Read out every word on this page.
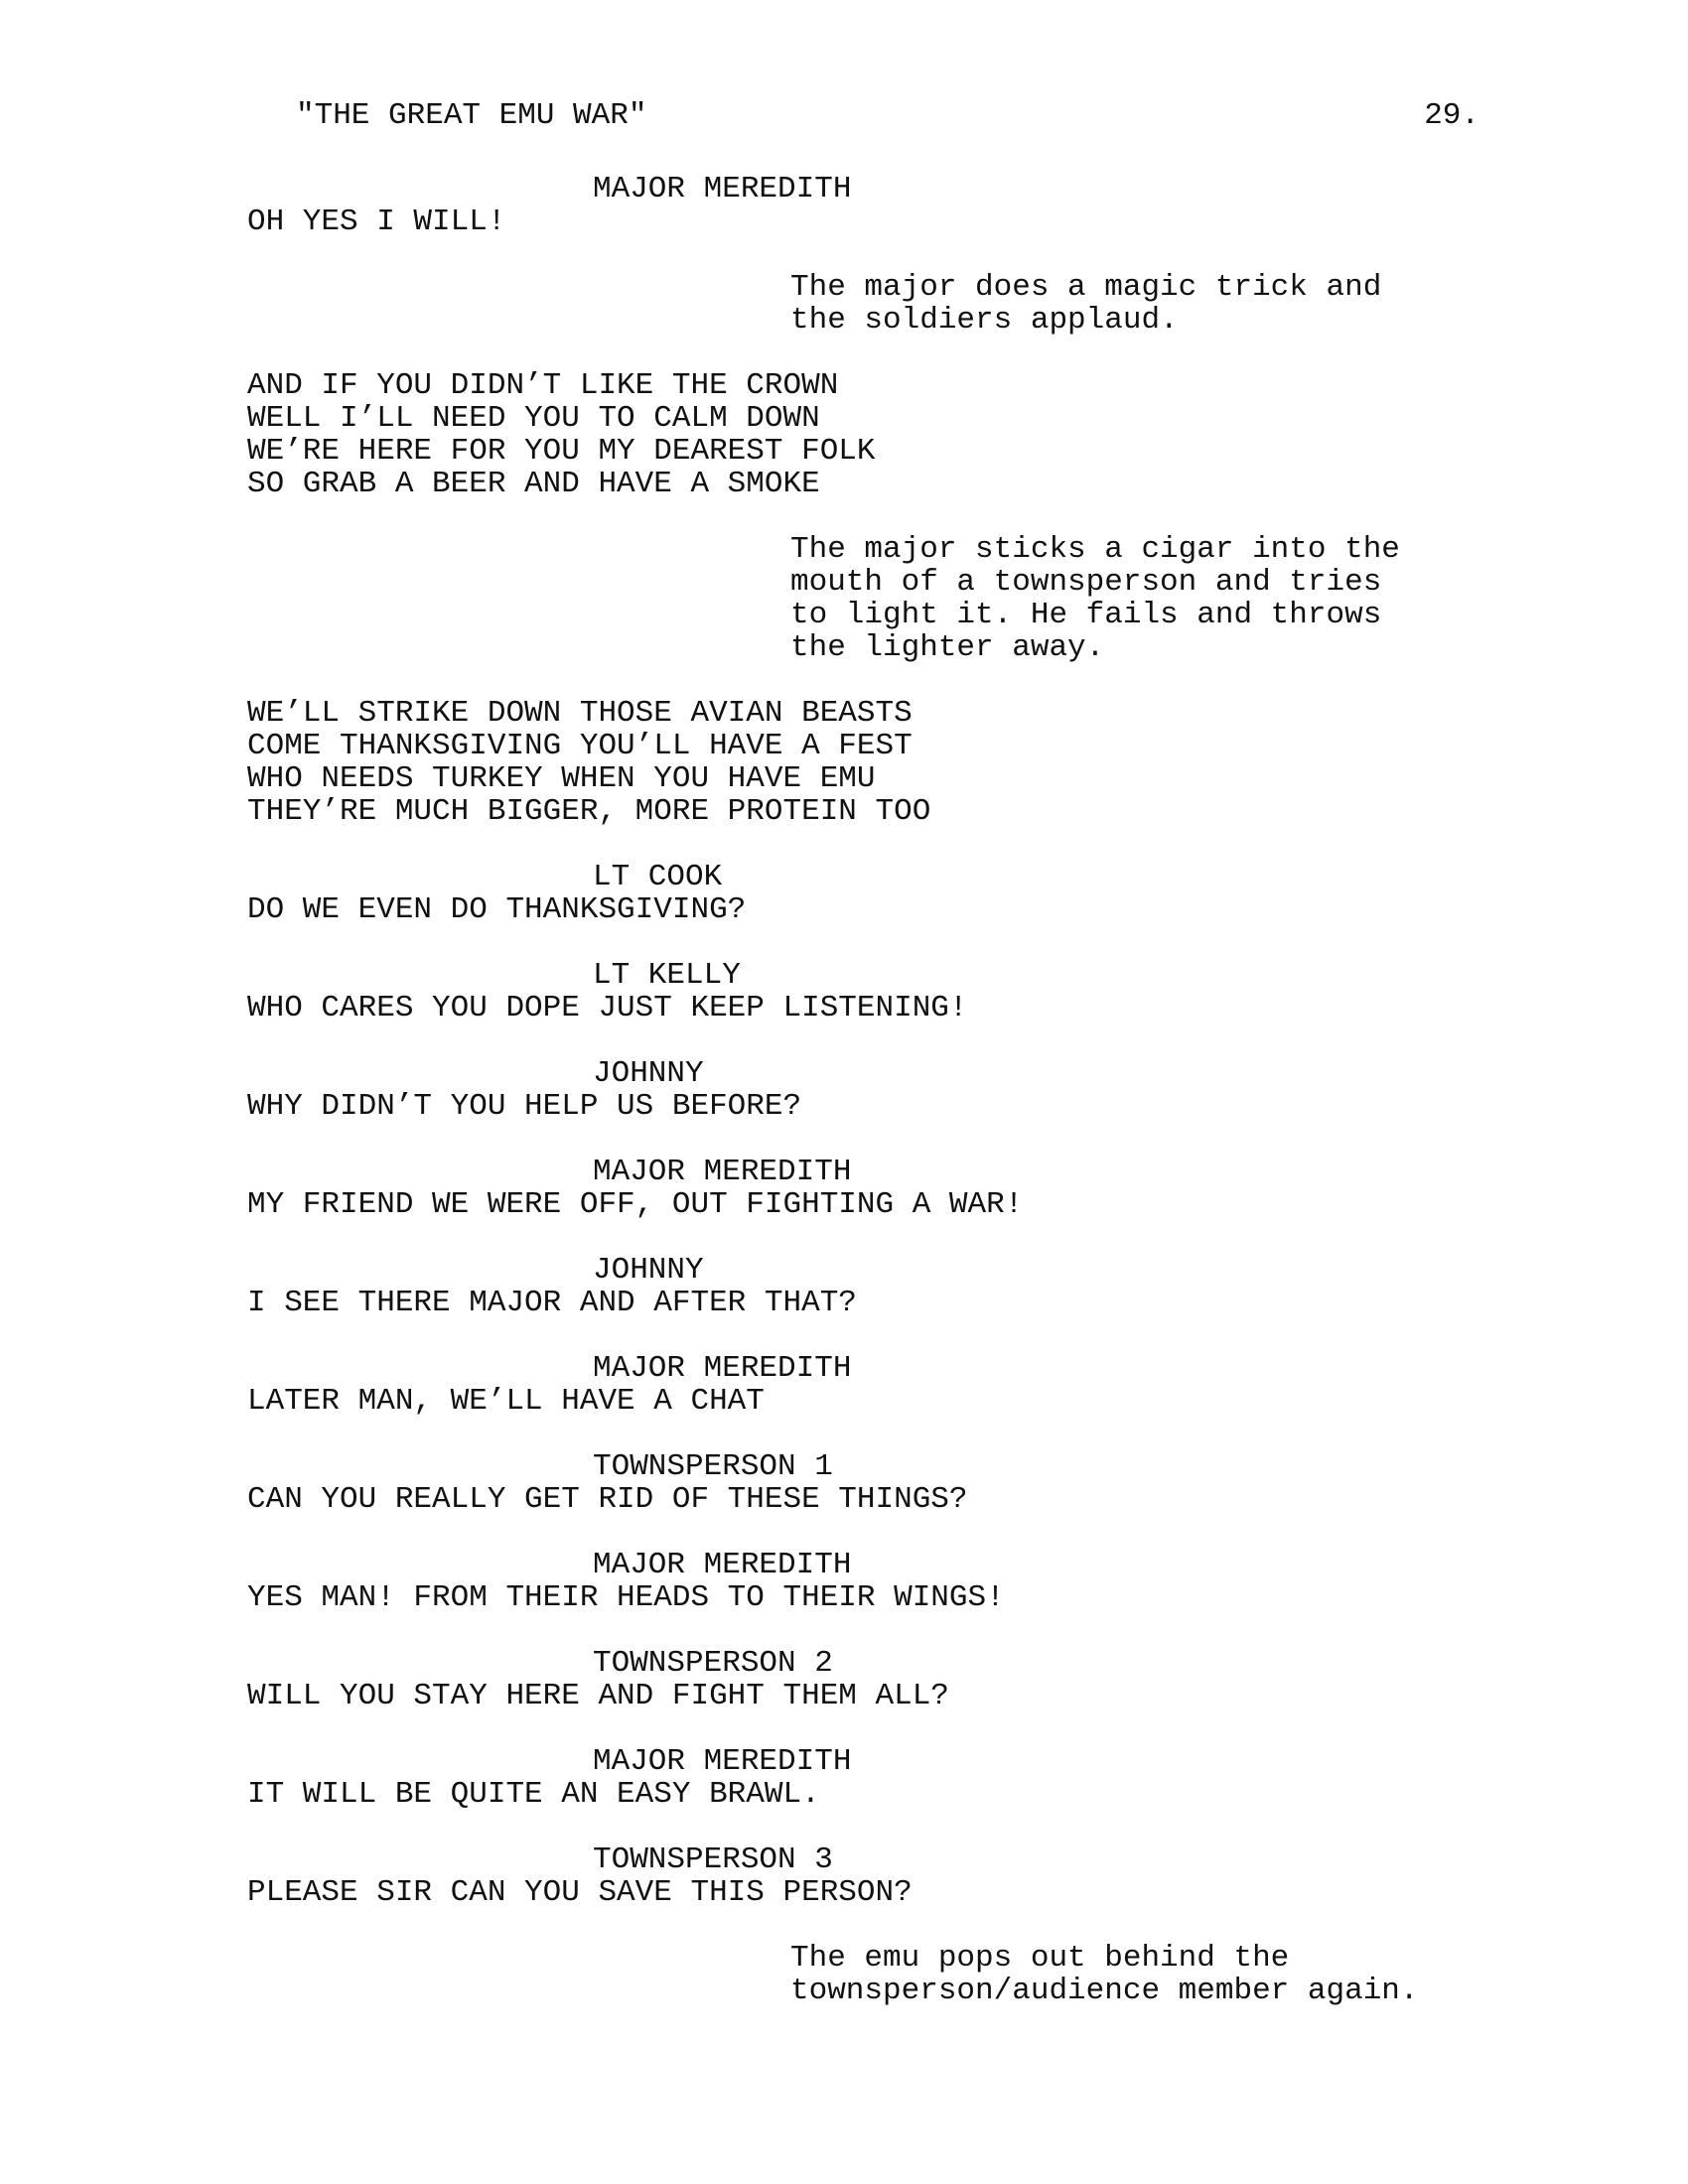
"THE GREAT EMU WAR"	29.
MAJOR MEREDITH
OH YES I WILL!
The major does a magic trick and
the soldiers applaud.
AND IF YOU DIDN’T LIKE THE CROWN
WELL I’LL NEED YOU TO CALM DOWN
WE’RE HERE FOR YOU MY DEAREST FOLK
SO GRAB A BEER AND HAVE A SMOKE
The major sticks a cigar into the
mouth of a townsperson and tries
to light it. He fails and throws
the lighter away.
WE’LL STRIKE DOWN THOSE AVIAN BEASTS
COME THANKSGIVING YOU’LL HAVE A FEST
WHO NEEDS TURKEY WHEN YOU HAVE EMU
THEY’RE MUCH BIGGER, MORE PROTEIN TOO
LT COOK
DO WE EVEN DO THANKSGIVING?
LT KELLY
WHO CARES YOU DOPE JUST KEEP LISTENING!
JOHNNY
WHY DIDN’T YOU HELP US BEFORE?
MAJOR MEREDITH
MY FRIEND WE WERE OFF, OUT FIGHTING A WAR!
JOHNNY
I SEE THERE MAJOR AND AFTER THAT?
MAJOR MEREDITH
LATER MAN, WE’LL HAVE A CHAT
TOWNSPERSON 1
CAN YOU REALLY GET RID OF THESE THINGS?
MAJOR MEREDITH
YES MAN! FROM THEIR HEADS TO THEIR WINGS!
TOWNSPERSON 2
WILL YOU STAY HERE AND FIGHT THEM ALL?
MAJOR MEREDITH
IT WILL BE QUITE AN EASY BRAWL.
TOWNSPERSON 3
PLEASE SIR CAN YOU SAVE THIS PERSON?
The emu pops out behind the
townsperson/audience member again.
